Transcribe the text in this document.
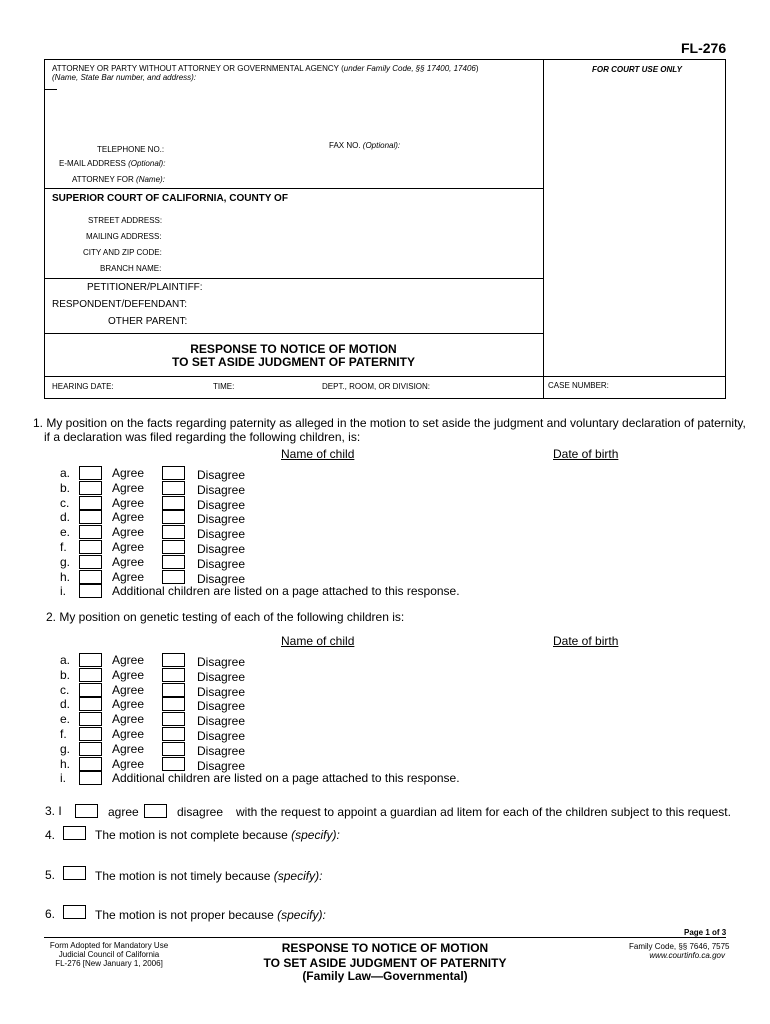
FL-276
ATTORNEY OR PARTY WITHOUT ATTORNEY OR GOVERNMENTAL AGENCY (under Family Code, §§ 17400, 17406)
(Name, State Bar number, and address):
FOR COURT USE ONLY
TELEPHONE NO.:	FAX NO. (Optional):
E-MAIL ADDRESS (Optional):
ATTORNEY FOR (Name):
SUPERIOR COURT OF CALIFORNIA, COUNTY OF
STREET ADDRESS:
MAILING ADDRESS:
CITY AND ZIP CODE:
BRANCH NAME:
PETITIONER/PLAINTIFF:
RESPONDENT/DEFENDANT:
OTHER PARENT:
RESPONSE TO NOTICE OF MOTION
TO SET ASIDE JUDGMENT OF PATERNITY
HEARING DATE:	TIME:	DEPT., ROOM, OR DIVISION:	CASE NUMBER:
1. My position on the facts regarding paternity as alleged in the motion to set aside the judgment and voluntary declaration of paternity,
if a declaration was filed regarding the following children, is:
Name of child	Date of birth
a.	Agree	Disagree
b.	Agree	Disagree
c.	Agree	Disagree
d.	Agree	Disagree
e.	Agree	Disagree
f.	Agree	Disagree
g.	Agree	Disagree
h.	Agree	Disagree
i.	Additional children are listed on a page attached to this response.
2. My position on genetic testing of each of the following children is:
Name of child	Date of birth
a.	Agree	Disagree
b.	Agree	Disagree
c.	Agree	Disagree
d.	Agree	Disagree
e.	Agree	Disagree
f.	Agree	Disagree
g.	Agree	Disagree
h.	Agree	Disagree
i.	Additional children are listed on a page attached to this response.
3. I	agree	disagree with the request to appoint a guardian ad litem for each of the children subject to this request.
4.	The motion is not complete because (specify):
5.	The motion is not timely because (specify):
6.	The motion is not proper because (specify):
Page 1 of 3
Form Adopted for Mandatory Use
Judicial Council of California
FL-276 [New January 1, 2006]
RESPONSE TO NOTICE OF MOTION
TO SET ASIDE JUDGMENT OF PATERNITY
(Family Law—Governmental)
Family Code, §§ 7646, 7575
www.courtinfo.ca.gov
